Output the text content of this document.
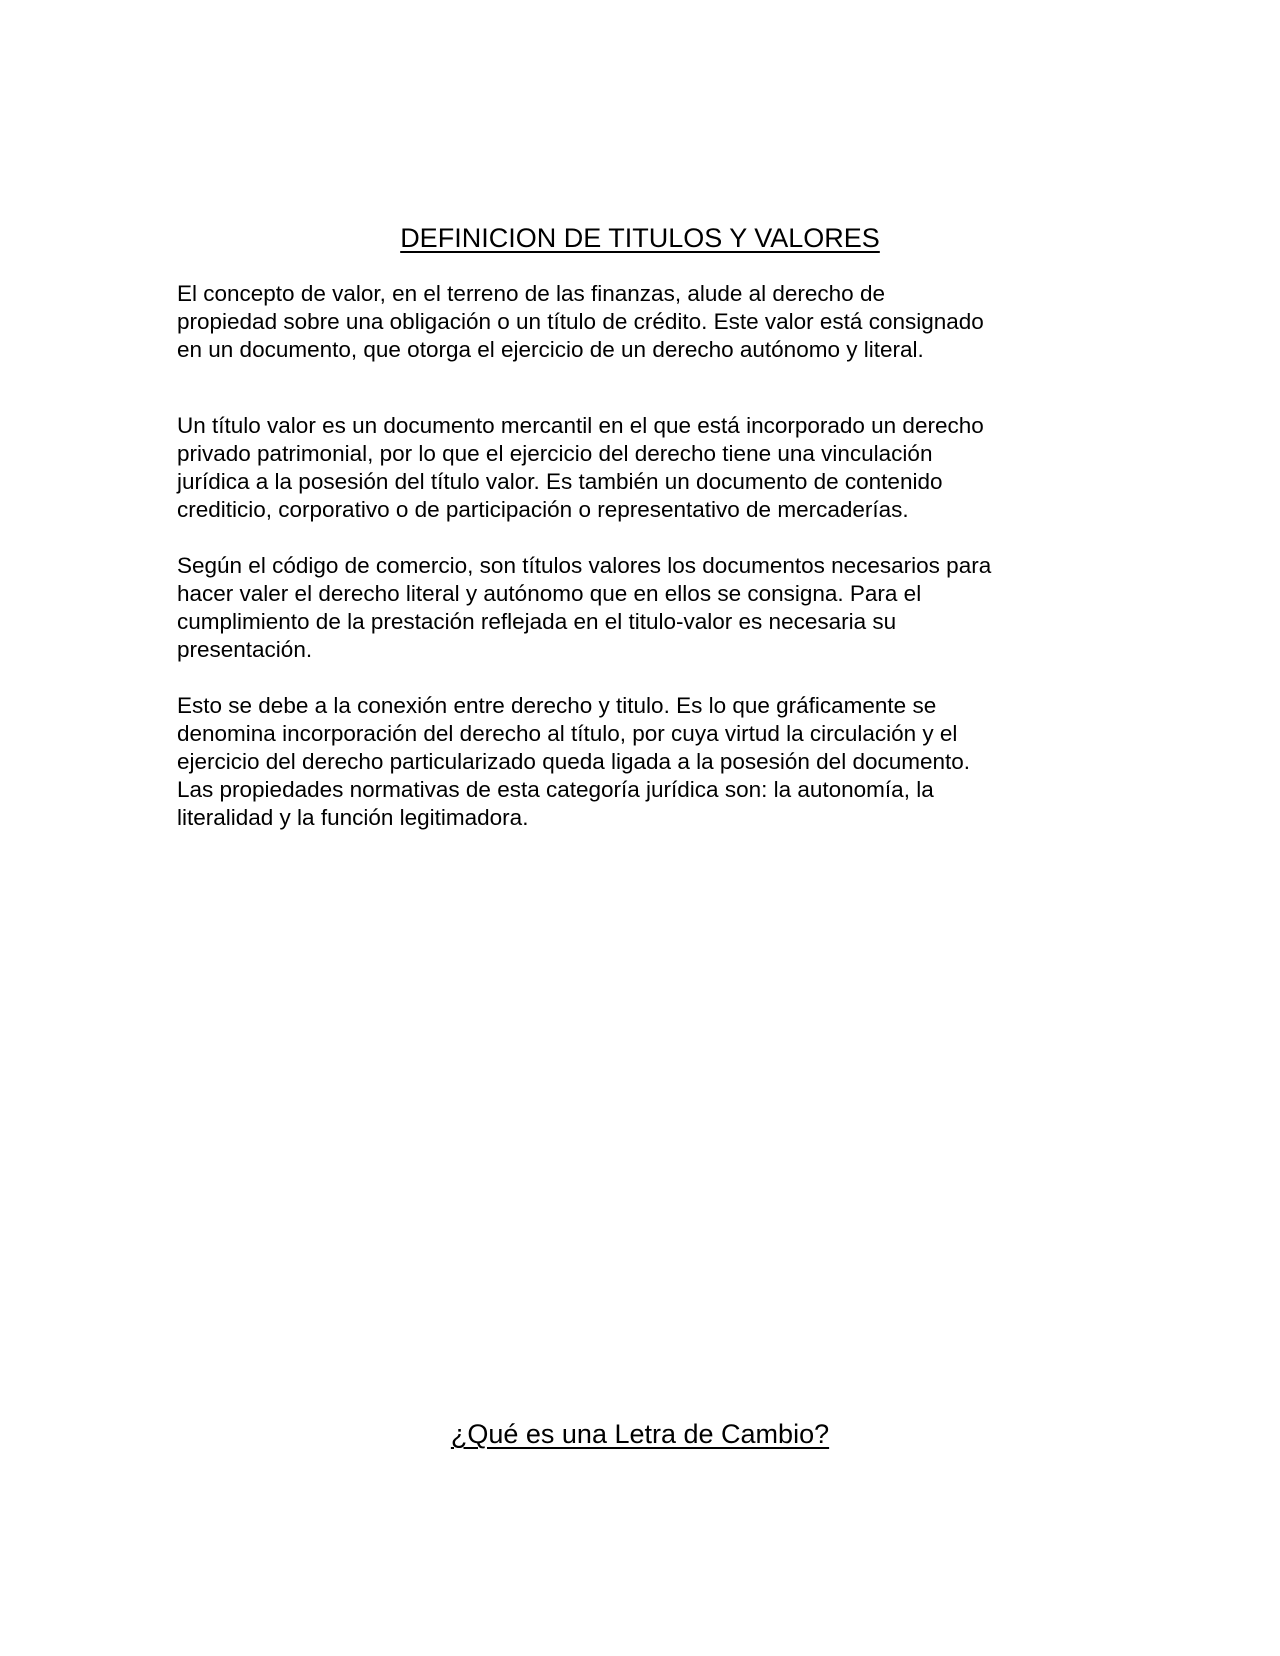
DEFINICION DE TITULOS Y VALORES

El concepto de valor, en el terreno de las finanzas, alude al derecho de
propiedad sobre una obligación o un título de crédito. Este valor está consignado
en un documento, que otorga el ejercicio de un derecho autónomo y literal.

Un título valor es un documento mercantil en el que está incorporado un derecho
privado patrimonial, por lo que el ejercicio del derecho tiene una vinculación
jurídica a la posesión del título valor. Es también un documento de contenido
crediticio, corporativo o de participación o representativo de mercaderías.

Según el código de comercio, son títulos valores los documentos necesarios para
hacer valer el derecho literal y autónomo que en ellos se consigna. Para el
cumplimiento de la prestación reflejada en el titulo-valor es necesaria su
presentación.

Esto se debe a la conexión entre derecho y titulo. Es lo que gráficamente se
denomina incorporación del derecho al título, por cuya virtud la circulación y el
ejercicio del derecho particularizado queda ligada a la posesión del documento.
Las propiedades normativas de esta categoría jurídica son: la autonomía, la
literalidad y la función legitimadora.

¿Qué es una Letra de Cambio?
